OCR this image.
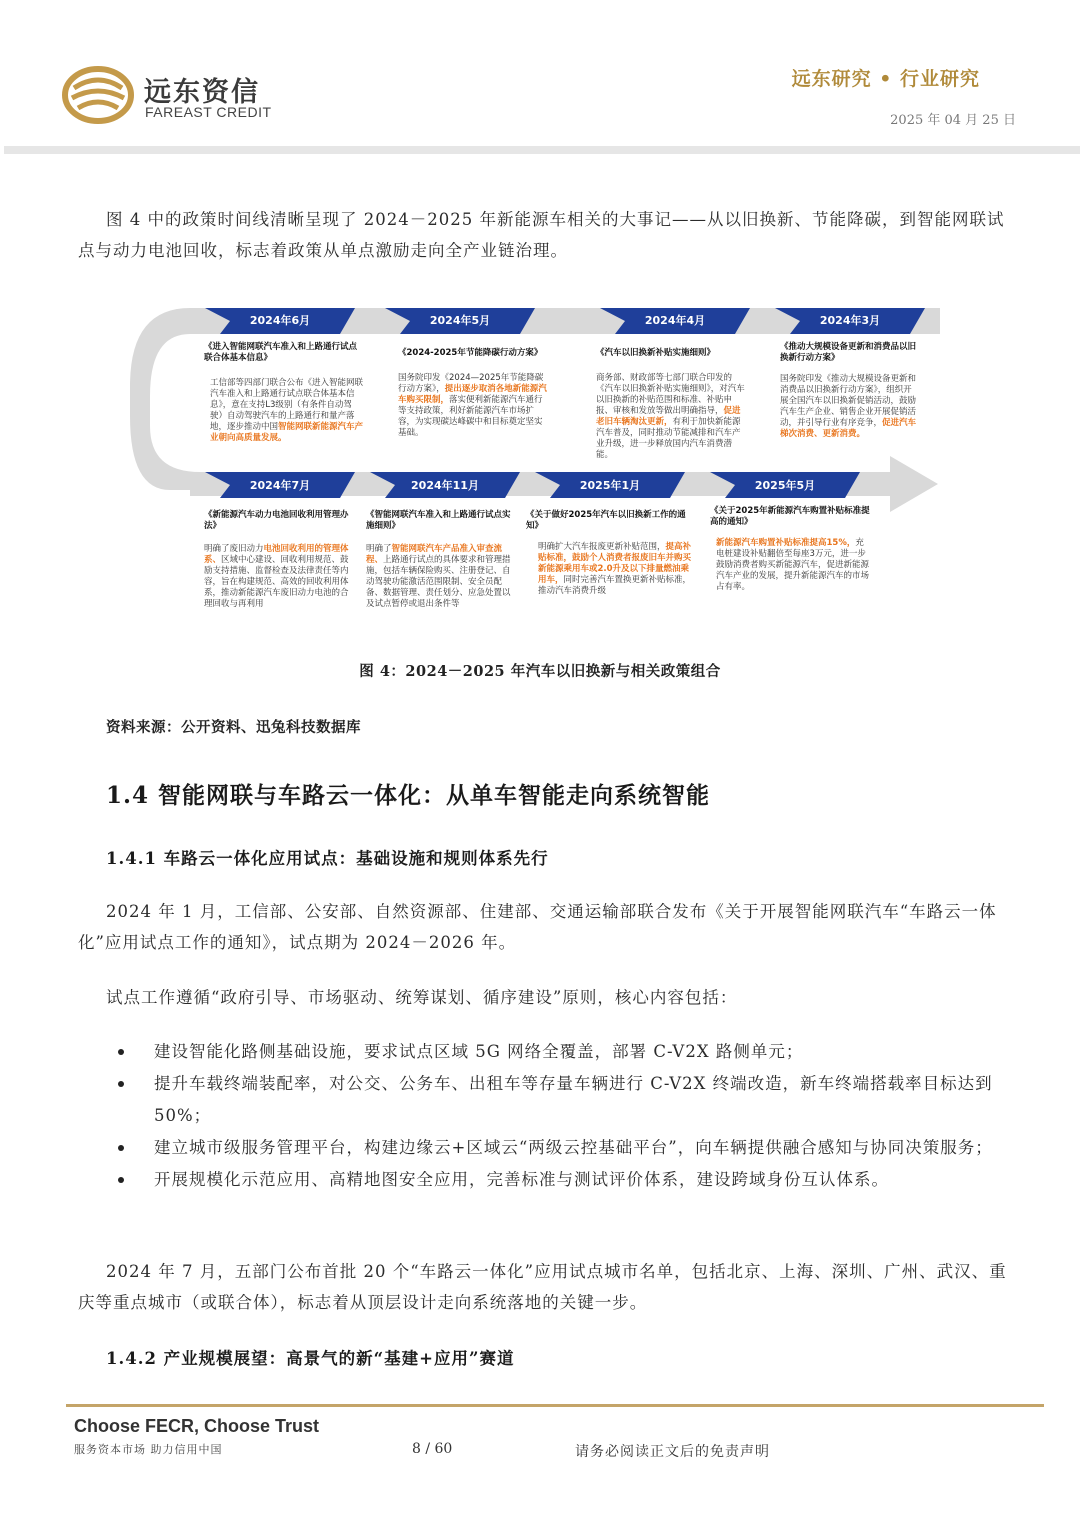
远东资信
FAREAST CREDIT
远东研究 • 行业研究
2025 年 04 月 25 日

图 4 中的政策时间线清晰呈现了 2024－2025 年新能源车相关的大事记——从以旧换新、节能降碳，到智能网联试点与动力电池回收，标志着政策从单点激励走向全产业链治理。

2024年6月	2024年5月	2024年4月	2024年3月
2024年7月	2024年11月	2025年1月	2025年5月
《进入智能网联汽车准入和上路通行试点联合体基本信息》
工信部等四部门联合公布《进入智能网联汽车准入和上路通行试点联合体基本信息》，意在支持L3级别（有条件自动驾驶）自动驾驶汽车的上路通行和量产落地，逐步推动中国智能网联新能源汽车产业朝向高质量发展。
《2024-2025年节能降碳行动方案》
国务院印发《2024—2025年节能降碳行动方案》，提出逐步取消各地新能源汽车购买限制，落实便利新能源汽车通行等支持政策，利好新能源汽车市场扩容，为实现碳达峰碳中和目标奠定坚实基础。
《汽车以旧换新补贴实施细则》
商务部、财政部等七部门联合印发的《汽车以旧换新补贴实施细则》，对汽车以旧换新的补贴范围和标准、补贴申报、审核和发放等做出明确指导，促进老旧车辆淘汰更新，有利于加快新能源汽车普及，同时推动节能减排和汽车产业升级，进一步释放国内汽车消费潜能。
《推动大规模设备更新和消费品以旧换新行动方案》
国务院印发《推动大规模设备更新和消费品以旧换新行动方案》，组织开展全国汽车以旧换新促销活动，鼓励汽车生产企业、销售企业开展促销活动，并引导行业有序竞争，促进汽车梯次消费、更新消费。
《新能源汽车动力电池回收利用管理办法》
明确了废旧动力电池回收利用的管理体系、区域中心建设、回收利用规范、鼓励支持措施、监督检查及法律责任等内容，旨在构建规范、高效的回收利用体系，推动新能源汽车废旧动力电池的合理回收与再利用
《智能网联汽车准入和上路通行试点实施细则》
明确了智能网联汽车产品准入审查流程、上路通行试点的具体要求和管理措施，包括车辆保险购买、注册登记、自动驾驶功能激活范围限制、安全员配备、数据管理、责任划分、应急处置以及试点暂停或退出条件等
《关于做好2025年汽车以旧换新工作的通知》
明确扩大汽车报废更新补贴范围，提高补贴标准，鼓励个人消费者报废旧车并购买新能源乘用车或2.0升及以下排量燃油乘用车，同时完善汽车置换更新补贴标准，推动汽车消费升级
《关于2025年新能源汽车购置补贴标准提高的通知》
新能源汽车购置补贴标准提高15%，充电桩建设补贴翻倍至每座3万元，进一步鼓励消费者购买新能源汽车，促进新能源汽车产业的发展，提升新能源汽车的市场占有率。
图 4：2024－2025 年汽车以旧换新与相关政策组合
资料来源：公开资料、迅兔科技数据库
1.4 智能网联与车路云一体化：从单车智能走向系统智能
1.4.1 车路云一体化应用试点：基础设施和规则体系先行

2024 年 1 月，工信部、公安部、自然资源部、住建部、交通运输部联合发布《关于开展智能网联汽车“车路云一体化”应用试点工作的通知》，试点期为 2024－2026 年。

试点工作遵循“政府引导、市场驱动、统筹谋划、循序建设”原则，核心内容包括：

建设智能化路侧基础设施，要求试点区域 5G 网络全覆盖，部署 C-V2X 路侧单元；
提升车载终端装配率，对公交、公务车、出租车等存量车辆进行 C-V2X 终端改造，新车终端搭载率目标达到 50%；
建立城市级服务管理平台，构建边缘云+区域云“两级云控基础平台”，向车辆提供融合感知与协同决策服务；
开展规模化示范应用、高精地图安全应用，完善标准与测试评价体系，建设跨域身份互认体系。

2024 年 7 月，五部门公布首批 20 个“车路云一体化”应用试点城市名单，包括北京、上海、深圳、广州、武汉、重庆等重点城市（或联合体），标志着从顶层设计走向系统落地的关键一步。

1.4.2 产业规模展望：高景气的新“基建+应用”赛道
Choose FECR, Choose Trust
服务资本市场 助力信用中国	8 / 60	请务必阅读正文后的免责声明
